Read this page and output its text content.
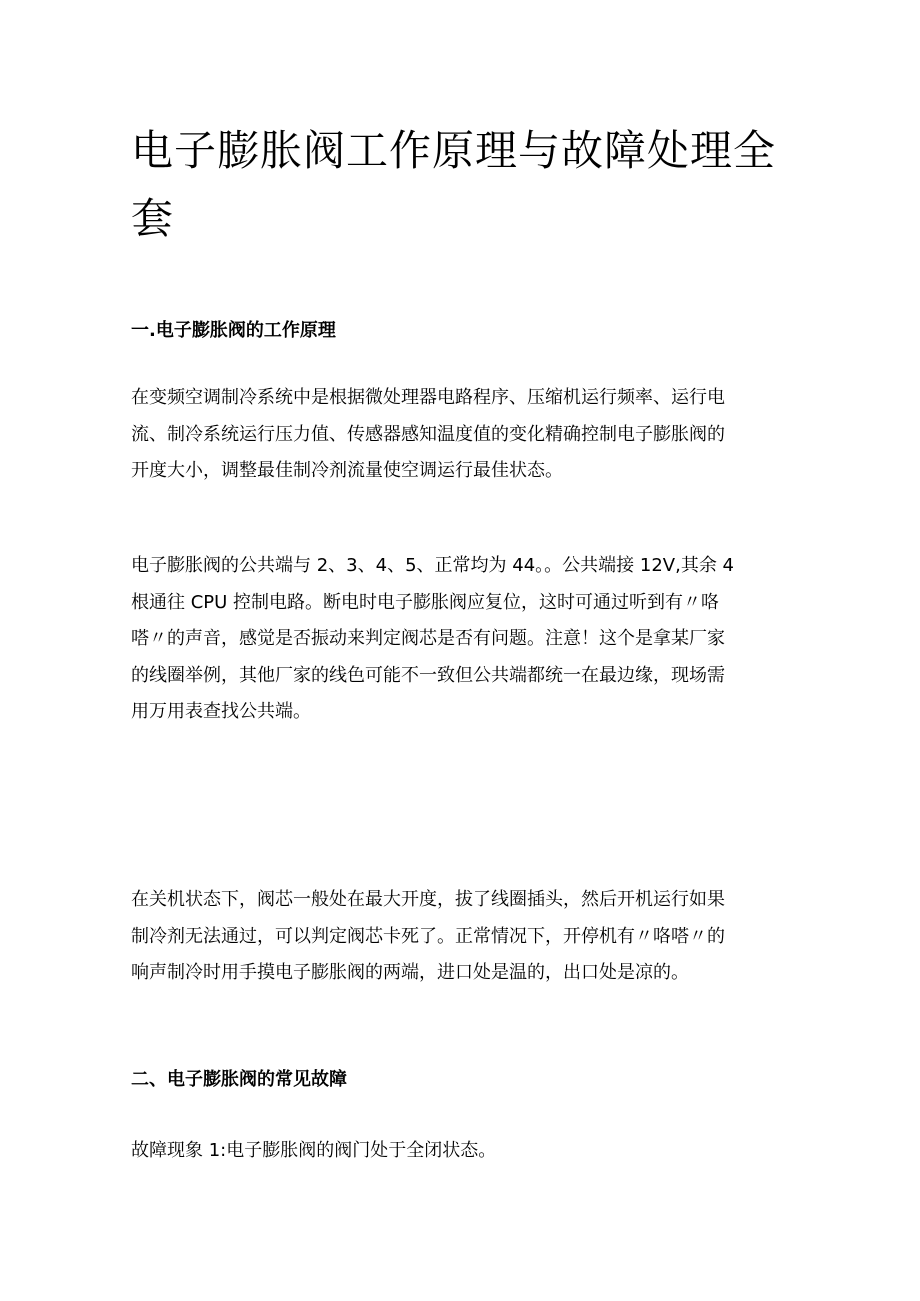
电子膨胀阀工作原理与故障处理全套
一.电子膨胀阀的工作原理
在变频空调制冷系统中是根据微处理器电路程序、压缩机运行频率、运行电
流、制冷系统运行压力值、传感器感知温度值的变化精确控制电子膨胀阀的
开度大小，调整最佳制冷剂流量使空调运行最佳状态。
电子膨胀阀的公共端与 2、3、4、5、正常均为 44。。公共端接 12V,其余 4
根通往 CPU 控制电路。断电时电子膨胀阀应复位，这时可通过听到有〃咯
嗒〃的声音，感觉是否振动来判定阀芯是否有问题。注意！这个是拿某厂家
的线圈举例，其他厂家的线色可能不一致但公共端都统一在最边缘，现场需
用万用表查找公共端。
在关机状态下，阀芯一般处在最大开度，拔了线圈插头，然后开机运行如果
制冷剂无法通过，可以判定阀芯卡死了。正常情况下，开停机有〃咯嗒〃的
响声制冷时用手摸电子膨胀阀的两端，进口处是温的，出口处是凉的。
二、电子膨胀阀的常见故障
故障现象 1:电子膨胀阀的阀门处于全闭状态。
